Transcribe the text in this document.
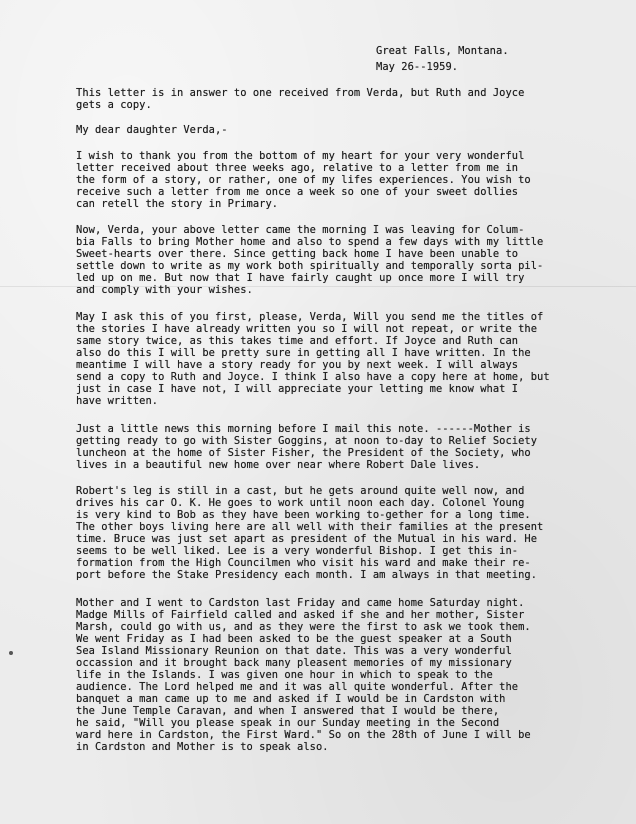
Great Falls, Montana.

May 26--1959.

This letter is in answer to one received from Verda, but Ruth and Joyce

gets a copy.

My dear daughter Verda,-

I wish to thank you from the bottom of my heart for your very wonderful

letter received about three weeks ago, relative to a letter from me in

the form of a story, or rather, one of my lifes experiences. You wish to

receive such a letter from me once a week so one of your sweet dollies

can retell the story in Primary.

Now, Verda, your above letter came the morning I was leaving for Colum-

bia Falls to bring Mother home and also to spend a few days with my little

Sweet-hearts over there. Since getting back home I have been unable to

settle down to write as my work both spiritually and temporally sorta pil-

led up on me. But now that I have fairly caught up once more I will try

and comply with your wishes.

May I ask this of you first, please, Verda, Will you send me the titles of

the stories I have already written you so I will not repeat, or write the

same story twice, as this takes time and effort. If Joyce and Ruth can

also do this I will be pretty sure in getting all I have written. In the

meantime I will have a story ready for you by next week. I will always

send a copy to Ruth and Joyce. I think I also have a copy here at home, but

just in case I have not, I will appreciate your letting me know what I

have written.

Just a little news this morning before I mail this note. ------Mother is

getting ready to go with Sister Goggins, at noon to-day to Relief Society

luncheon at the home of Sister Fisher, the President of the Society, who

lives in a beautiful new home over near where Robert Dale lives.

Robert's leg is still in a cast, but he gets around quite well now, and

drives his car O. K. He goes to work until noon each day. Colonel Young

is very kind to Bob as they have been working to-gether for a long time.

The other boys living here are all well with their families at the present

time. Bruce was just set apart as president of the Mutual in his ward. He

seems to be well liked. Lee is a very wonderful Bishop. I get this in-

formation from the High Councilmen who visit his ward and make their re-

port before the Stake Presidency each month. I am always in that meeting.

Mother and I went to Cardston last Friday and came home Saturday night.

Madge Mills of Fairfield called and asked if she and her mother, Sister

Marsh, could go with us, and as they were the first to ask we took them.

We went Friday as I had been asked to be the guest speaker at a South

Sea Island Missionary Reunion on that date. This was a very wonderful

occassion and it brought back many pleasent memories of my missionary

life in the Islands. I was given one hour in which to speak to the

audience. The Lord helped me and it was all quite wonderful. After the

banquet a man came up to me and asked if I would be in Cardston with

the June Temple Caravan, and when I answered that I would be there,

he said, "Will you please speak in our Sunday meeting in the Second

ward here in Cardston, the First Ward." So on the 28th of June I will be

in Cardston and Mother is to speak also.
